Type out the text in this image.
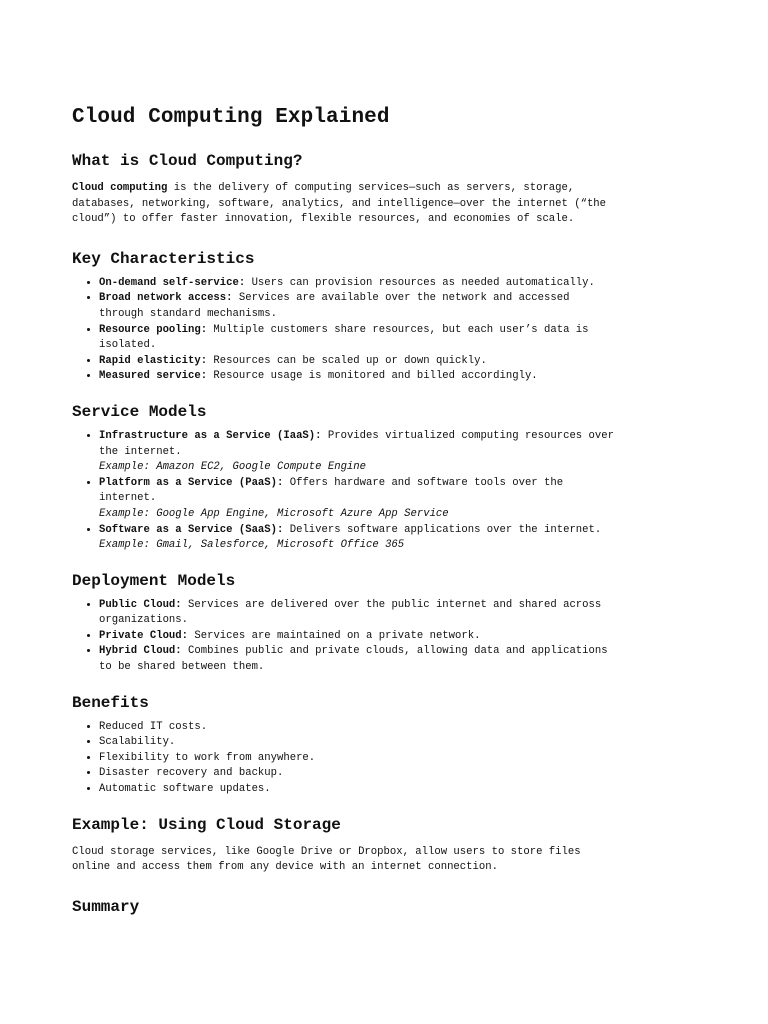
Cloud Computing Explained
What is Cloud Computing?

Cloud computing is the delivery of computing services—such as servers, storage, databases, networking, software, analytics, and intelligence—over the internet (“the cloud”) to offer faster innovation, flexible resources, and economies of scale.

Key Characteristics
• On-demand self-service: Users can provision resources as needed automatically.
• Broad network access: Services are available over the network and accessed through standard mechanisms.
• Resource pooling: Multiple customers share resources, but each user’s data is isolated.
• Rapid elasticity: Resources can be scaled up or down quickly.
• Measured service: Resource usage is monitored and billed accordingly.
Service Models
• Infrastructure as a Service (IaaS): Provides virtualized computing resources over the internet.
Example: Amazon EC2, Google Compute Engine
• Platform as a Service (PaaS): Offers hardware and software tools over the internet.
Example: Google App Engine, Microsoft Azure App Service
• Software as a Service (SaaS): Delivers software applications over the internet.
Example: Gmail, Salesforce, Microsoft Office 365
Deployment Models
• Public Cloud: Services are delivered over the public internet and shared across organizations.
• Private Cloud: Services are maintained on a private network.
• Hybrid Cloud: Combines public and private clouds, allowing data and applications to be shared between them.
Benefits
• Reduced IT costs.
• Scalability.
• Flexibility to work from anywhere.
• Disaster recovery and backup.
• Automatic software updates.
Example: Using Cloud Storage

Cloud storage services, like Google Drive or Dropbox, allow users to store files online and access them from any device with an internet connection.

Summary
